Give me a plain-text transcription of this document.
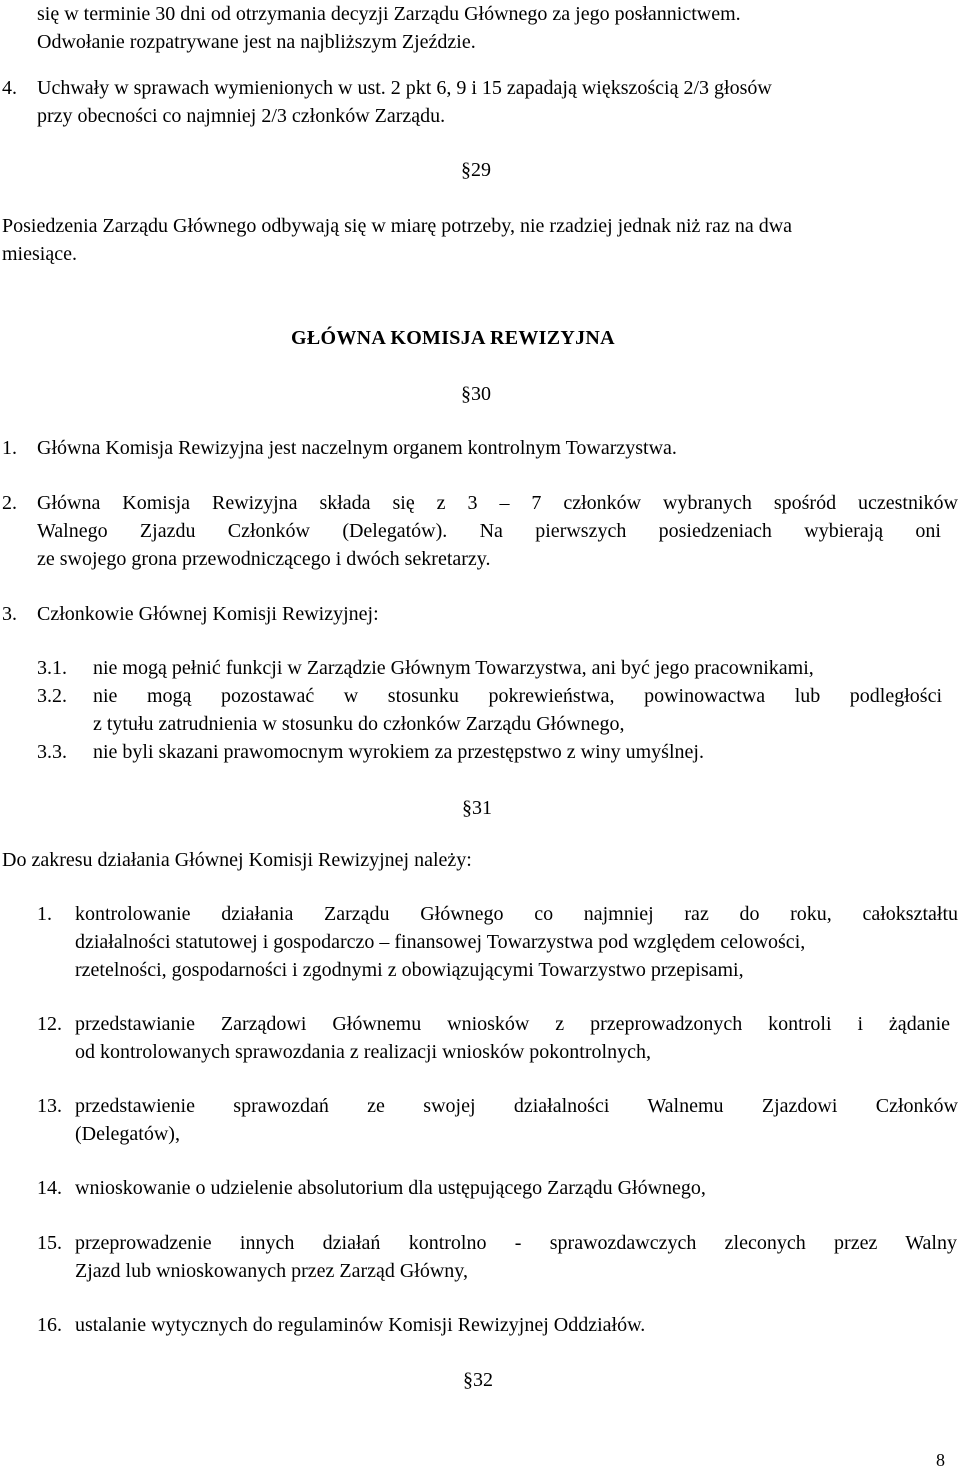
się w terminie 30 dni od otrzymania decyzji Zarządu Głównego za jego posłannictwem.
Odwołanie rozpatrywane jest na najbliższym Zjeździe.
4. Uchwały w sprawach wymienionych w ust. 2 pkt 6, 9 i 15 zapadają większością 2/3 głosów
przy obecności co najmniej 2/3 członków Zarządu.
§29
Posiedzenia Zarządu Głównego odbywają się w miarę potrzeby, nie rzadziej jednak niż raz na dwa
miesiące.
GŁÓWNA KOMISJA REWIZYJNA
§30
1. Główna Komisja Rewizyjna jest naczelnym organem kontrolnym Towarzystwa.
2. Główna Komisja Rewizyjna składa się z 3 – 7 członków wybranych spośród uczestników
Walnego Zjazdu Członków (Delegatów). Na pierwszych posiedzeniach wybierają oni
ze swojego grona przewodniczącego i dwóch sekretarzy.
3. Członkowie Głównej Komisji Rewizyjnej:
3.1. nie mogą pełnić funkcji w Zarządzie Głównym Towarzystwa, ani być jego pracownikami,
3.2. nie mogą pozostawać w stosunku pokrewieństwa, powinowactwa lub podległości
z tytułu zatrudnienia w stosunku do członków Zarządu Głównego,
3.3. nie byli skazani prawomocnym wyrokiem za przestępstwo z winy umyślnej.
§31
Do zakresu działania Głównej Komisji Rewizyjnej należy:
1. kontrolowanie działania Zarządu Głównego co najmniej raz do roku, całokształtu
działalności statutowej i gospodarczo – finansowej Towarzystwa pod względem celowości,
rzetelności, gospodarności i zgodnymi z obowiązującymi Towarzystwo przepisami,
12. przedstawianie Zarządowi Głównemu wniosków z przeprowadzonych kontroli i żądanie
od kontrolowanych sprawozdania z realizacji wniosków pokontrolnych,
13. przedstawienie sprawozdań ze swojej działalności Walnemu Zjazdowi Członków
(Delegatów),
14. wnioskowanie o udzielenie absolutorium dla ustępującego Zarządu Głównego,
15. przeprowadzenie innych działań kontrolno - sprawozdawczych zleconych przez Walny
Zjazd lub wnioskowanych przez Zarząd Główny,
16. ustalanie wytycznych do regulaminów Komisji Rewizyjnej Oddziałów.
§32
8
